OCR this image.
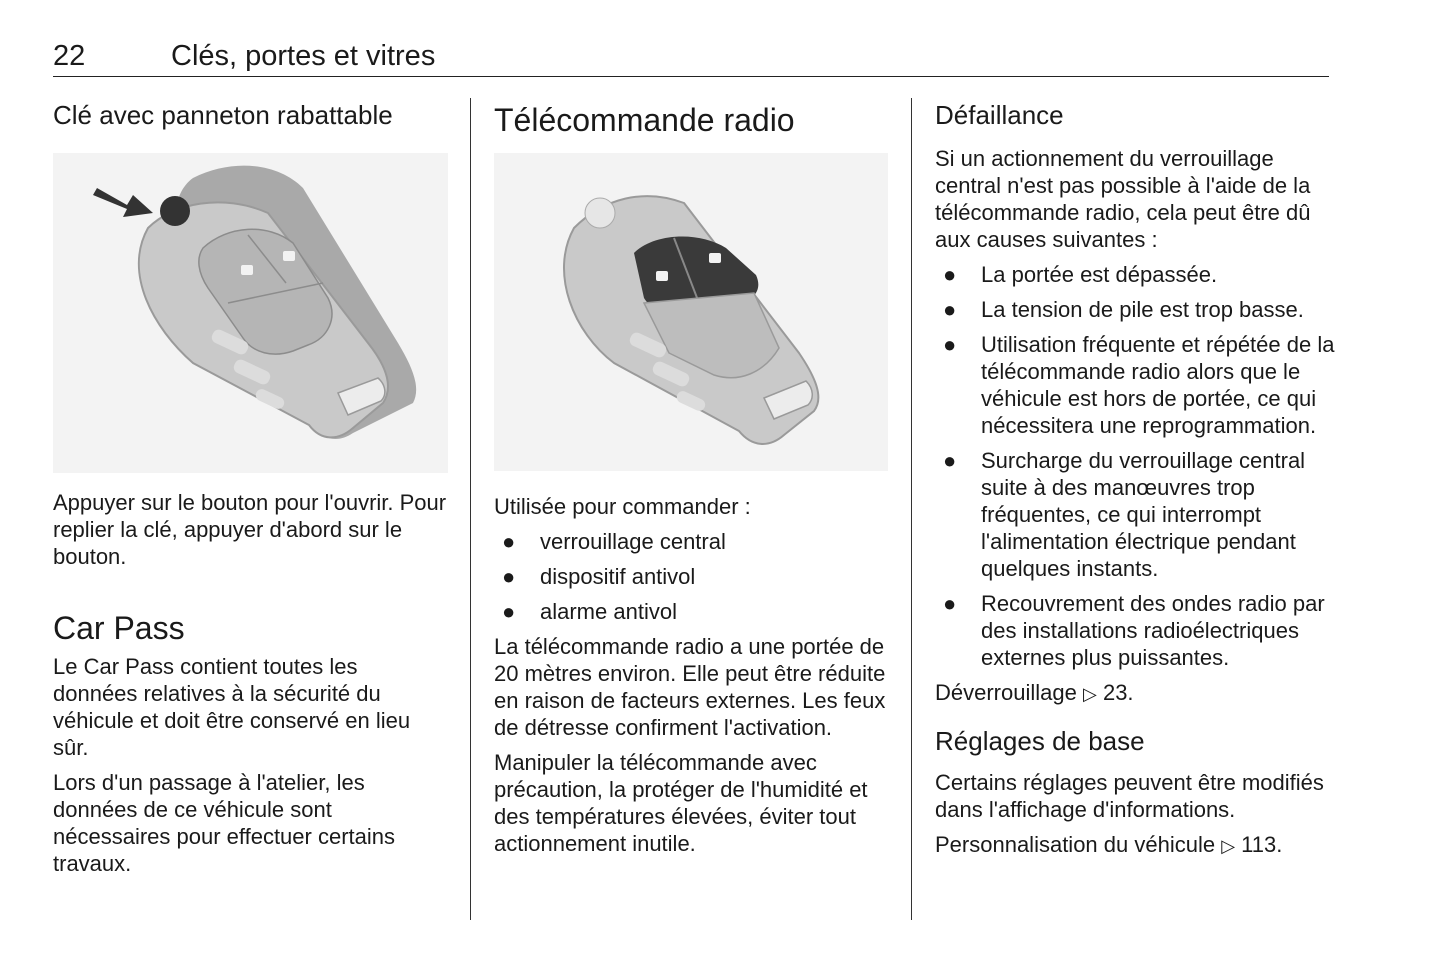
22	Clés, portes et vitres
Clé avec panneton rabattable

Appuyer sur le bouton pour l'ouvrir. Pour replier la clé, appuyer d'abord sur le bouton.

Car Pass

Le Car Pass contient toutes les données relatives à la sécurité du véhicule et doit être conservé en lieu sûr.

Lors d'un passage à l'atelier, les données de ce véhicule sont nécessaires pour effectuer certains travaux.

Télécommande radio

Utilisée pour commander :

● verrouillage central
● dispositif antivol
● alarme antivol

La télécommande radio a une portée de 20 mètres environ. Elle peut être réduite en raison de facteurs externes. Les feux de détresse confirment l'activation.

Manipuler la télécommande avec précaution, la protéger de l'humidité et des températures élevées, éviter tout actionnement inutile.

Défaillance

Si un actionnement du verrouillage central n'est pas possible à l'aide de la télécommande radio, cela peut être dû aux causes suivantes :

● La portée est dépassée.
● La tension de pile est trop basse.
● Utilisation fréquente et répétée de la télécommande radio alors que le véhicule est hors de portée, ce qui nécessitera une reprogrammation.
● Surcharge du verrouillage central suite à des manœuvres trop fréquentes, ce qui interrompt l'alimentation électrique pendant quelques instants.
● Recouvrement des ondes radio par des installations radioélectriques externes plus puissantes.

Déverrouillage ▷ 23.

Réglages de base

Certains réglages peuvent être modifiés dans l'affichage d'informations.

Personnalisation du véhicule ▷ 113.
